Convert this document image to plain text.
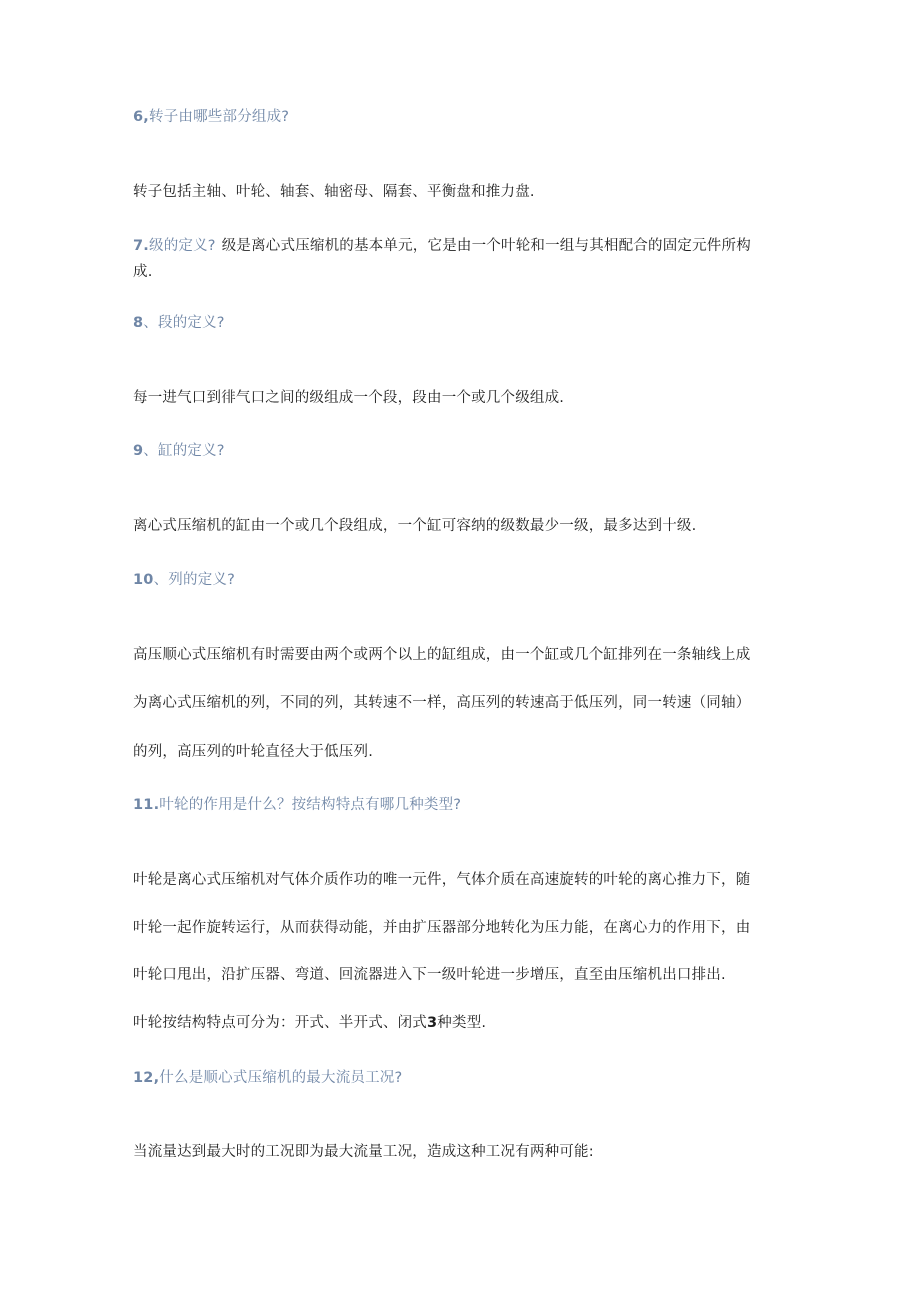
6,转子由哪些部分组成?
转子包括主轴、叶轮、轴套、轴密母、隔套、平衡盘和推力盘.
7.级的定义? 级是离心式压缩机的基本单元，它是由一个叶轮和一组与其相配合的固定元件所构
成.
8、段的定义?
每一进气口到徘气口之间的级组成一个段，段由一个或几个级组成.
9、缸的定义?
离心式压缩机的缸由一个或几个段组成，一个缸可容纳的级数最少一级，最多达到十级.
10、列的定义?
高压顺心式压缩机有时需要由两个或两个以上的缸组成，由一个缸或几个缸排列在一条轴线上成
为离心式压缩机的列，不同的列，其转速不一样，高压列的转速高于低压列，同一转速（同轴）
的列，高压列的叶轮直径大于低压列.
11.叶轮的作用是什么？按结构特点有哪几种类型?
叶轮是离心式压缩机对气体介质作功的唯一元件，气体介质在高速旋转的叶轮的离心推力下，随
叶轮一起作旋转运行，从而获得动能，并由扩压器部分地转化为压力能，在离心力的作用下，由
叶轮口甩出，沿扩压器、弯道、回流器进入下一级叶轮进一步增压，直至由压缩机出口排出.
叶轮按结构特点可分为：开式、半开式、闭式3种类型.
12,什么是顺心式压缩机的最大流员工况?
当流量达到最大时的工况即为最大流量工况，造成这种工况有两种可能:
